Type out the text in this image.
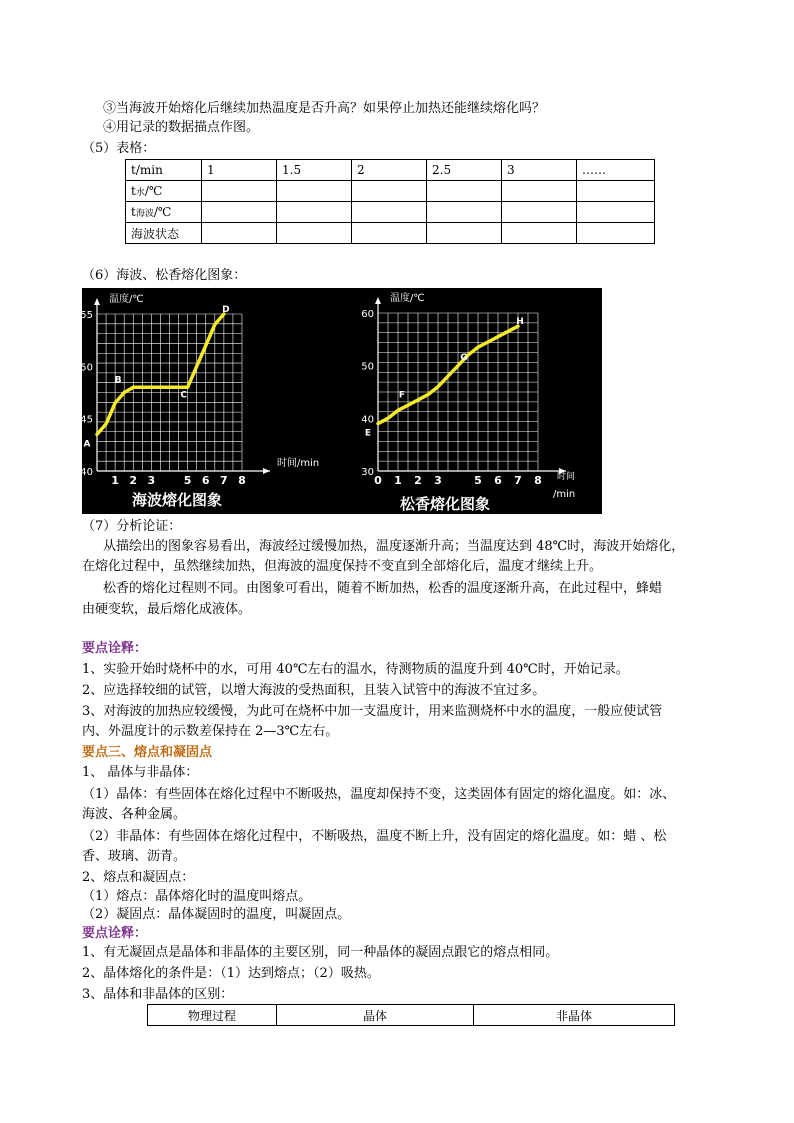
③当海波开始熔化后继续加热温度是否升高？如果停止加热还能继续熔化吗？
④用记录的数据描点作图。
（5）表格：
t/min	1	1.5	2	2.5	3	……
t水/℃						
t海波/℃						
海波状态						
（6）海波、松香熔化图象：
温度/℃
时间/min
40
45
50
55
1 2 3	5 6 7 8
A
B
C
D
海波熔化图象
温度/℃
时间
/min
30
40
50
60
0 1 2 3	5 6 7 8
E
F
G
H
松香熔化图象
（7）分析论证：
从描绘出的图象容易看出，海波经过缓慢加热，温度逐渐升高；当温度达到 48℃时，海波开始熔化，
在熔化过程中，虽然继续加热，但海波的温度保持不变直到全部熔化后，温度才继续上升。
松香的熔化过程则不同。由图象可看出，随着不断加热，松香的温度逐渐升高，在此过程中，蜂蜡
由硬变软，最后熔化成液体。
要点诠释：
1、实验开始时烧杯中的水，可用 40℃左右的温水，待测物质的温度升到 40℃时，开始记录。
2、应选择较细的试管，以增大海波的受热面积，且装入试管中的海波不宜过多。
3、对海波的加热应较缓慢，为此可在烧杯中加一支温度计，用来监测烧杯中水的温度，一般应使试管
内、外温度计的示数差保持在 2—3℃左右。
要点三、熔点和凝固点
1、 晶体与非晶体：
（1）晶体：有些固体在熔化过程中不断吸热，温度却保持不变，这类固体有固定的熔化温度。如：冰、
海波、各种金属。
（2）非晶体：有些固体在熔化过程中，不断吸热，温度不断上升，没有固定的熔化温度。如：蜡 、松
香、玻璃、沥青。
2、熔点和凝固点：
（1）熔点：晶体熔化时的温度叫熔点。
（2）凝固点：晶体凝固时的温度，叫凝固点。
要点诠释：
1、有无凝固点是晶体和非晶体的主要区别，同一种晶体的凝固点跟它的熔点相同。
2、晶体熔化的条件是：（1）达到熔点；（2）吸热。
3、晶体和非晶体的区别：
物理过程	晶体	非晶体
